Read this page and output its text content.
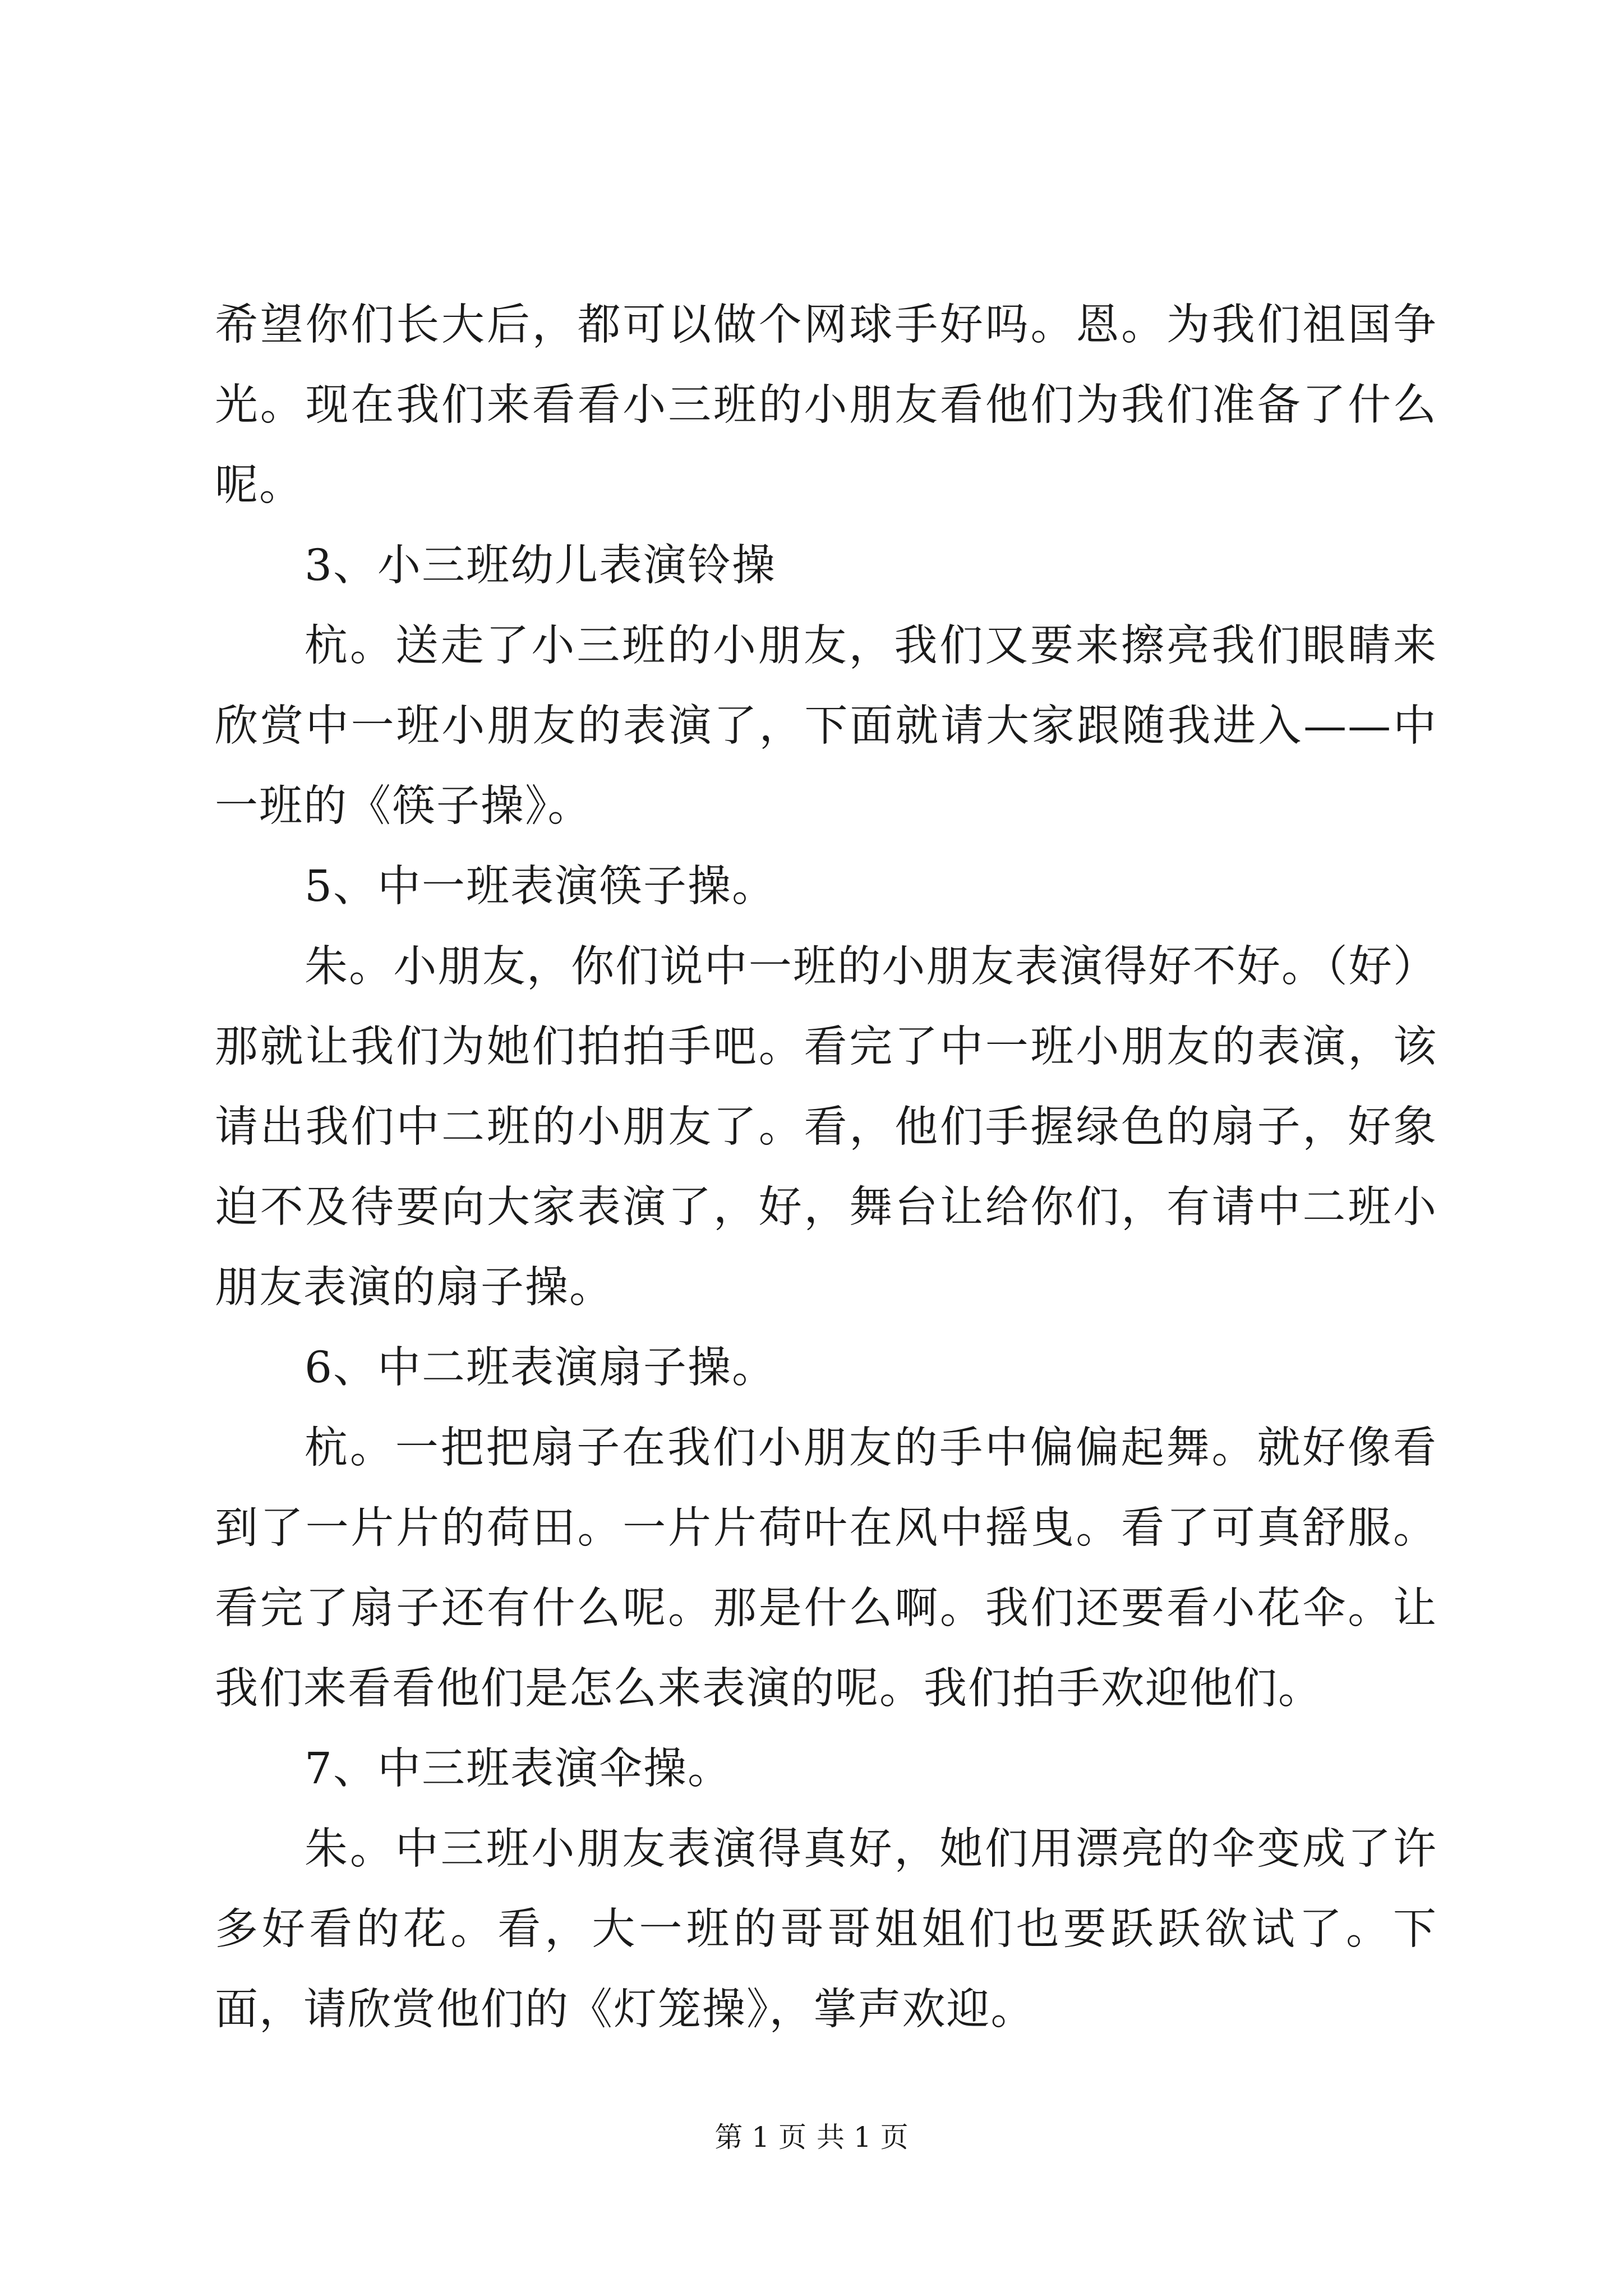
希望你们长大后，都可以做个网球手好吗。恩。为我们祖国争光。现在我们来看看小三班的小朋友看他们为我们准备了什么呢。

3、小三班幼儿表演铃操

杭。送走了小三班的小朋友，我们又要来擦亮我们眼睛来欣赏中一班小朋友的表演了，下面就请大家跟随我进入——中一班的《筷子操》。

5、中一班表演筷子操。

朱。小朋友，你们说中一班的小朋友表演得好不好。（好）那就让我们为她们拍拍手吧。看完了中一班小朋友的表演，该请出我们中二班的小朋友了。看，他们手握绿色的扇子，好象迫不及待要向大家表演了，好，舞台让给你们，有请中二班小朋友表演的扇子操。

6、中二班表演扇子操。

杭。一把把扇子在我们小朋友的手中偏偏起舞。就好像看到了一片片的荷田。一片片荷叶在风中摇曳。看了可真舒服。看完了扇子还有什么呢。那是什么啊。我们还要看小花伞。让我们来看看他们是怎么来表演的呢。我们拍手欢迎他们。

7、中三班表演伞操。

朱。中三班小朋友表演得真好，她们用漂亮的伞变成了许多好看的花。看，大一班的哥哥姐姐们也要跃跃欲试了。下面，请欣赏他们的《灯笼操》，掌声欢迎。

第 1 页 共 1 页
